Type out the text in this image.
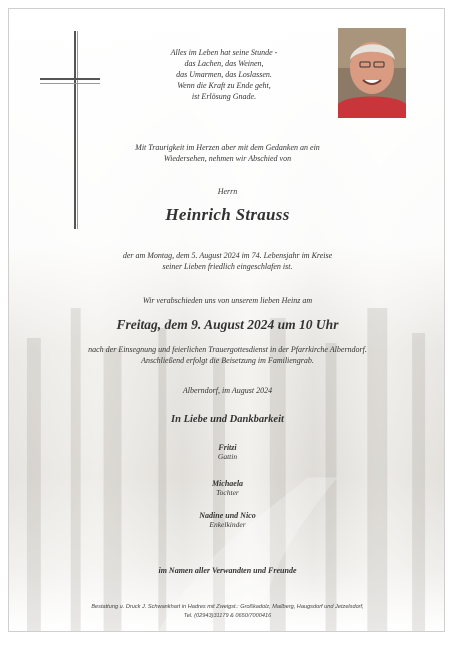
Alles im Leben hat seine Stunde -
das Lachen, das Weinen,
das Umarmen, das Loslassen.
Wenn die Kraft zu Ende geht,
ist Erlösung Gnade.
Mit Traurigkeit im Herzen aber mit dem Gedanken an ein
Wiedersehen, nehmen wir Abschied von
Herrn
Heinrich Strauss
der am Montag, dem 5. August 2024 im 74. Lebensjahr im Kreise
seiner Lieben friedlich eingeschlafen ist.
Wir verabschieden uns von unserem lieben Heinz am
Freitag, dem 9. August 2024 um 10 Uhr
nach der Einsegnung und feierlichen Trauergottesdienst in der Pfarrkirche Alberndorf.
Anschließend erfolgt die Beisetzung im Familiengrab.
Alberndorf, im August 2024
In Liebe und Dankbarkeit
Fritzi
Gattin
Michaela
Tochter
Nadine und Nico
Enkelkinder
im Namen aller Verwandten und Freunde
Bestattung u. Druck J. Schwankhart in Hadres mit Zweigst.: Großkadolz, Mailberg, Haugsdorf und Jetzelsdorf,
Tel. (02943)31179 & 0650/7000416
